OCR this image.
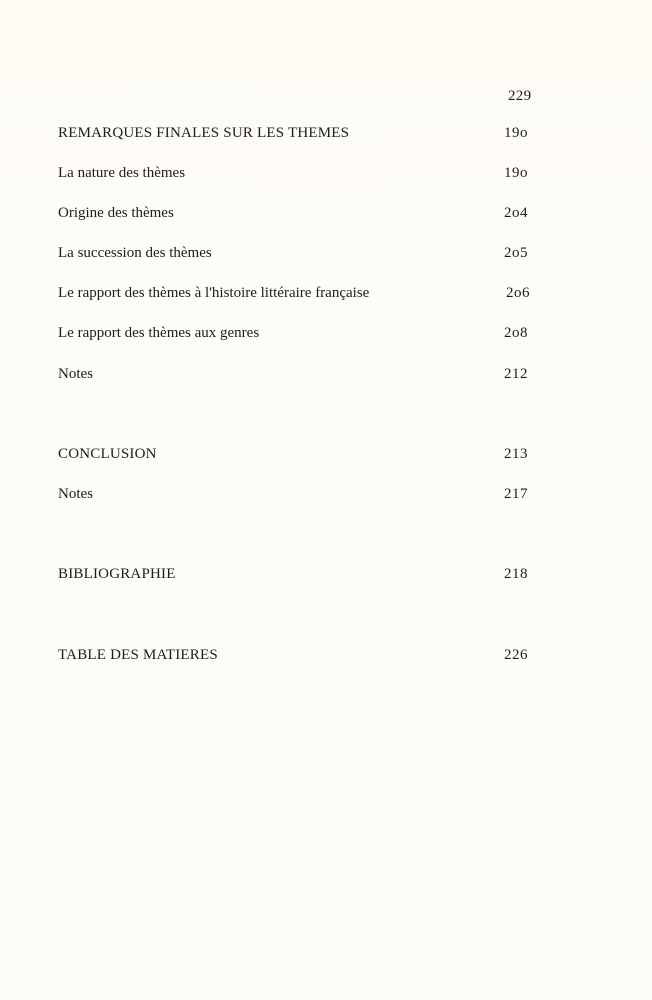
229
REMARQUES FINALES SUR LES THEMES	19o
La nature des thèmes	19o
Origine des thèmes	2o4
La succession des thèmes	2o5
Le rapport des thèmes à l'histoire littéraire française	2o6
Le rapport des thèmes aux genres	2o8
Notes	212
CONCLUSION	213
Notes	217
BIBLIOGRAPHIE	218
TABLE DES MATIERES	226
